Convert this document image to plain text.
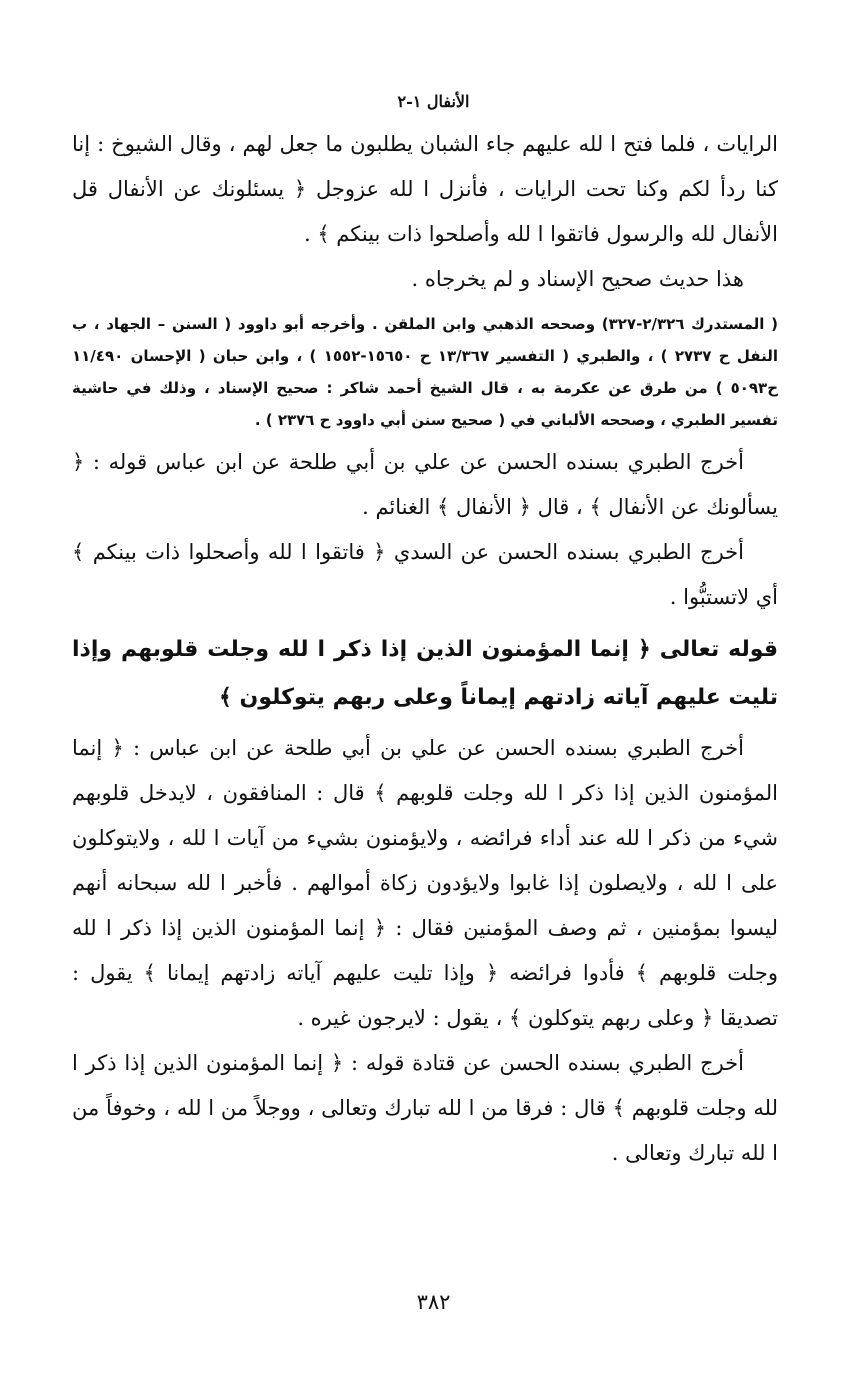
الأنفال ١-٢

الرايات ، فلما فتح ا لله عليهم جاء الشبان يطلبون ما جعل لهم ، وقال الشيوخ : إنا كنا ردأ لكم وكنا تحت الرايات ، فأنزل ا لله عزوجل ﴿ يسئلونك عن الأنفال قل الأنفال لله والرسول فاتقوا ا لله وأصلحوا ذات بينكم ﴾ .

هذا حديث صحيح الإسناد و لم يخرجاه .

( المستدرك ٢/٣٢٦-٣٢٧) وصححه الذهبي وابن الملقن . وأخرجه أبو داوود ( السنن – الجهاد ، ب النفل ح ٢٧٣٧ ) ، والطبري ( التفسير ١٣/٣٦٧ ح ١٥٦٥٠-١٥٥٢ ) ، وابن حبان ( الإحسان ١١/٤٩٠ ح٥٠٩٣ ) من طرق عن عكرمة به ، قال الشيخ أحمد شاكر : صحيح الإسناد ، وذلك في حاشية تفسير الطبري ، وصححه الألباني في ( صحيح سنن أبي داوود ح ٢٣٧٦ ) .

أخرج الطبري بسنده الحسن عن علي بن أبي طلحة عن ابن عباس قوله : ﴿ يسألونك عن الأنفال ﴾ ، قال ﴿ الأنفال ﴾ الغنائم .

أخرج الطبري بسنده الحسن عن السدي ﴿ فاتقوا ا لله وأصحلوا ذات بينكم ﴾ أي لاتستبُّوا .

قوله تعالى ﴿ إنما المؤمنون الذين إذا ذكر ا لله وجلت قلوبهم وإذا تليت عليهم آياته زادتهم إيماناً وعلى ربهم يتوكلون ﴾

أخرج الطبري بسنده الحسن عن علي بن أبي طلحة عن ابن عباس : ﴿ إنما المؤمنون الذين إذا ذكر ا لله وجلت قلوبهم ﴾ قال : المنافقون ، لايدخل قلوبهم شيء من ذكر ا لله عند أداء فرائضه ، ولايؤمنون بشيء من آيات ا لله ، ولايتوكلون على ا لله ، ولايصلون إذا غابوا ولايؤدون زكاة أموالهم . فأخبر ا لله سبحانه أنهم ليسوا بمؤمنين ، ثم وصف المؤمنين فقال : ﴿ إنما المؤمنون الذين إذا ذكر ا لله وجلت قلوبهم ﴾ فأدوا فرائضه ﴿ وإذا تليت عليهم آياته زادتهم إيمانا ﴾ يقول : تصديقا ﴿ وعلى ربهم يتوكلون ﴾ ، يقول : لايرجون غيره .

أخرج الطبري بسنده الحسن عن قتادة قوله : ﴿ إنما المؤمنون الذين إذا ذكر ا لله وجلت قلوبهم ﴾ قال : فرقا من ا لله تبارك وتعالى ، ووجلاً من ا لله ، وخوفاً من ا لله تبارك وتعالى .

٣٨٢
